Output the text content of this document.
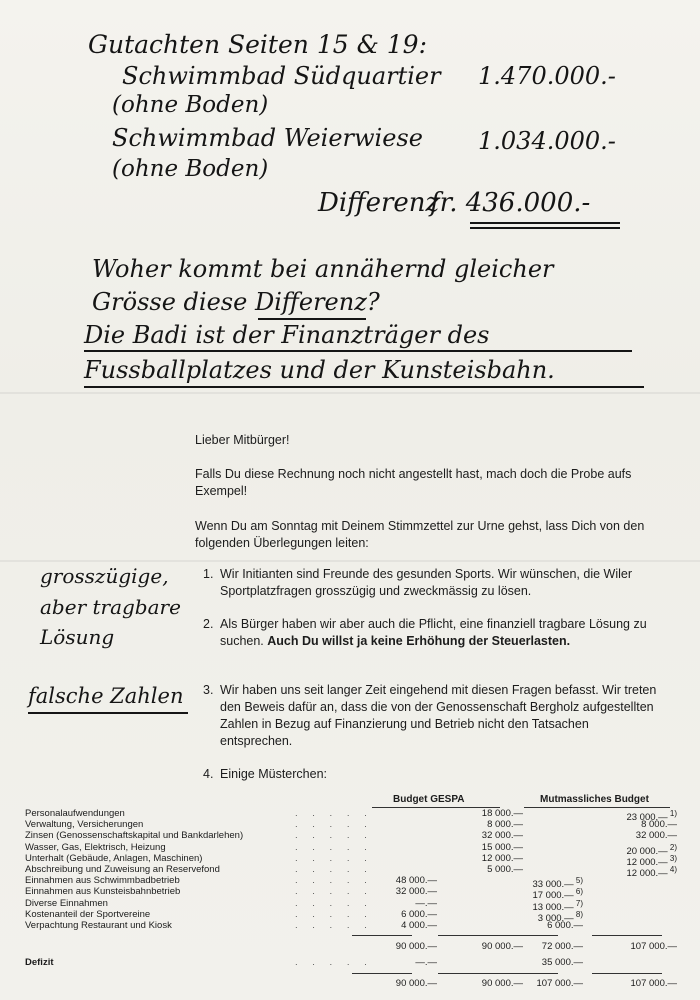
Gutachten Seiten 15 & 19:
Schwimmbad Südquartier 1.470.000.-
(ohne Boden)
Schwimmbad Weierwiese 1.034.000.-
(ohne Boden)
Differenz
fr. 436.000.-
Woher kommt bei annähernd gleicher
Grösse diese Differenz?
Die Badi ist der Finanzträger des
Fussballplatzes und der Kunsteisbahn.
Lieber Mitbürger!
Falls Du diese Rechnung noch nicht angestellt hast, mach doch die Probe aufs Exempel!
Wenn Du am Sonntag mit Deinem Stimmzettel zur Urne gehst, lass Dich von den folgenden Überlegungen leiten:
grosszügige,
aber tragbare
Lösung
falsche Zahlen
1. Wir Initianten sind Freunde des gesunden Sports. Wir wünschen, die Wiler Sportplatzfragen grosszügig und zweckmässig zu lösen.
2. Als Bürger haben wir aber auch die Pflicht, eine finanziell tragbare Lösung zu suchen. Auch Du willst ja keine Erhöhung der Steuerlasten.
3. Wir haben uns seit langer Zeit eingehend mit diesen Fragen befasst. Wir treten den Beweis dafür an, dass die von der Genossenschaft Bergholz aufgestellten Zahlen in Bezug auf Finanzierung und Betrieb nicht den Tatsachen entsprechen.
4. Einige Müsterchen:
Budget GESPA	Mutmassliches Budget
Personalaufwendungen	. . . . .	18 000.—	23 000.— $^{1)}$
Verwaltung, Versicherungen	. . . . .	8 000.—	8 000.—
Zinsen (Genossenschaftskapital und Bankdarlehen)	. . . . .	32 000.—	32 000.—
Wasser, Gas, Elektrisch, Heizung	. . . . .	15 000.—	20 000.— $^{2)}$
Unterhalt (Gebäude, Anlagen, Maschinen)	. . . . .	12 000.—	12 000.— $^{3)}$
Abschreibung und Zuweisung an Reservefond	. . . . .	5 000.—	12 000.— $^{4)}$
Einnahmen aus Schwimmbadbetrieb	. . . . .	48 000.—	33 000.— $^{5)}$
Einnahmen aus Kunsteisbahnbetrieb	. . . . .	32 000.—	17 000.— $^{6)}$
Diverse Einnahmen	. . . . .	—.—	13 000.— $^{7)}$
Kostenanteil der Sportvereine	. . . . .	6 000.—	3 000.— $^{8)}$
Verpachtung Restaurant und Kiosk	. . . . .	4 000.—	6 000.—
90 000.—	90 000.—	72 000.—	107 000.—
Defizit	. . . . .	—.—	35 000.—
90 000.—	90 000.—	107 000.—	107 000.—
